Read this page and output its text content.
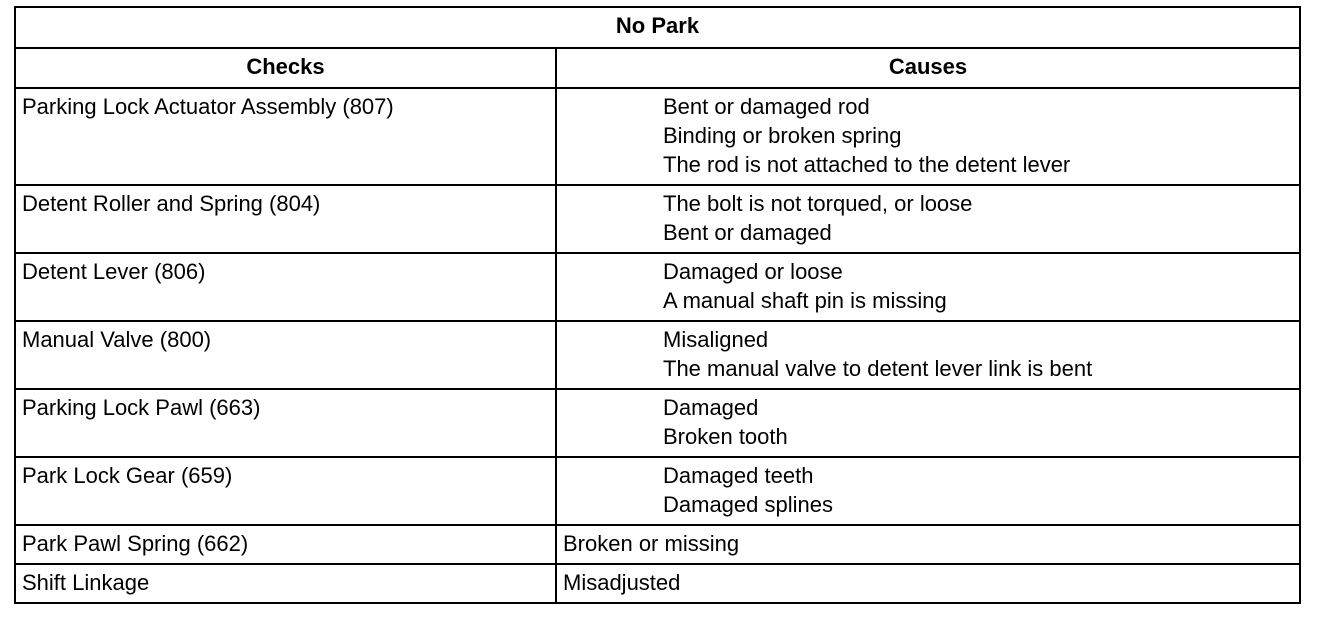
No Park	
Checks	Causes
Parking Lock Actuator Assembly (807)	Bent or damaged rod
Binding or broken spring
The rod is not attached to the detent lever

Detent Roller and Spring (804)	The bolt is not torqued, or loose
Bent or damaged

Detent Lever (806)	Damaged or loose
A manual shaft pin is missing

Manual Valve (800)	Misaligned
The manual valve to detent lever link is bent

Parking Lock Pawl (663)	Damaged
Broken tooth

Park Lock Gear (659)	Damaged teeth
Damaged splines

Park Pawl Spring (662)	Broken or missing

Shift Linkage	Misadjusted
